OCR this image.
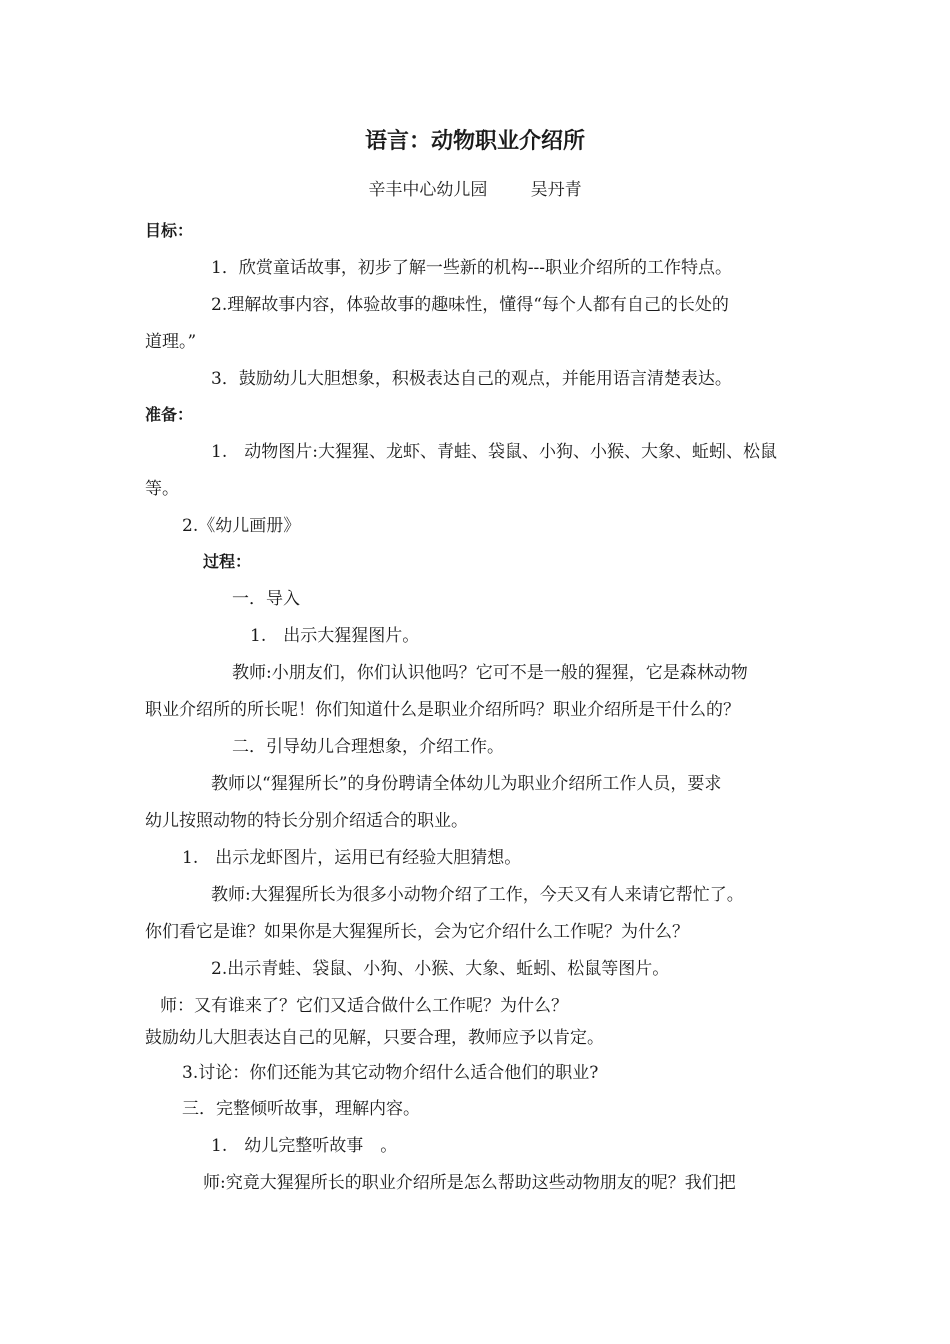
语言：动物职业介绍所
辛丰中心幼儿园        吴丹青
目标：
1．欣赏童话故事，初步了解一些新的机构---职业介绍所的工作特点。
2.理解故事内容，体验故事的趣味性，懂得“每个人都有自己的长处的
道理。”
3．鼓励幼儿大胆想象，积极表达自己的观点，并能用语言清楚表达。
准备：
1.　动物图片:大猩猩、龙虾、青蛙、袋鼠、小狗、小猴、大象、蚯蚓、松鼠
等。
2.《幼儿画册》
过程：
一．导入
1.　出示大猩猩图片。
教师:小朋友们，你们认识他吗？它可不是一般的猩猩，它是森林动物
职业介绍所的所长呢！你们知道什么是职业介绍所吗？职业介绍所是干什么的？
二．引导幼儿合理想象，介绍工作。
教师以“猩猩所长”的身份聘请全体幼儿为职业介绍所工作人员，要求
幼儿按照动物的特长分别介绍适合的职业。
1.　出示龙虾图片，运用已有经验大胆猜想。
教师:大猩猩所长为很多小动物介绍了工作，今天又有人来请它帮忙了。
你们看它是谁？如果你是大猩猩所长，会为它介绍什么工作呢？为什么？
2.出示青蛙、袋鼠、小狗、小猴、大象、蚯蚓、松鼠等图片。
师：又有谁来了？它们又适合做什么工作呢？为什么？
鼓励幼儿大胆表达自己的见解，只要合理，教师应予以肯定。
3.讨论：你们还能为其它动物介绍什么适合他们的职业?
三．完整倾听故事，理解内容。
1.　幼儿完整听故事　。
师:究竟大猩猩所长的职业介绍所是怎么帮助这些动物朋友的呢？我们把
